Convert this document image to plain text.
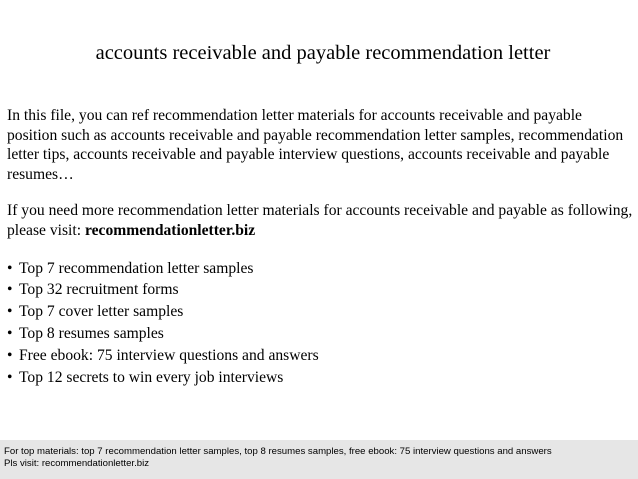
accounts receivable and payable recommendation letter

In this file, you can ref recommendation letter materials for accounts receivable and payable position such as accounts receivable and payable recommendation letter samples, recommendation letter tips, accounts receivable and payable interview questions, accounts receivable and payable resumes…

If you need more recommendation letter materials for accounts receivable and payable as following, please visit: recommendationletter.biz

• Top 7 recommendation letter samples
• Top 32 recruitment forms
• Top 7 cover letter samples
• Top 8 resumes samples
• Free ebook: 75 interview questions and answers
• Top 12 secrets to win every job interviews
For top materials: top 7 recommendation letter samples, top 8 resumes samples, free ebook: 75 interview questions and answers
Pls visit: recommendationletter.biz
